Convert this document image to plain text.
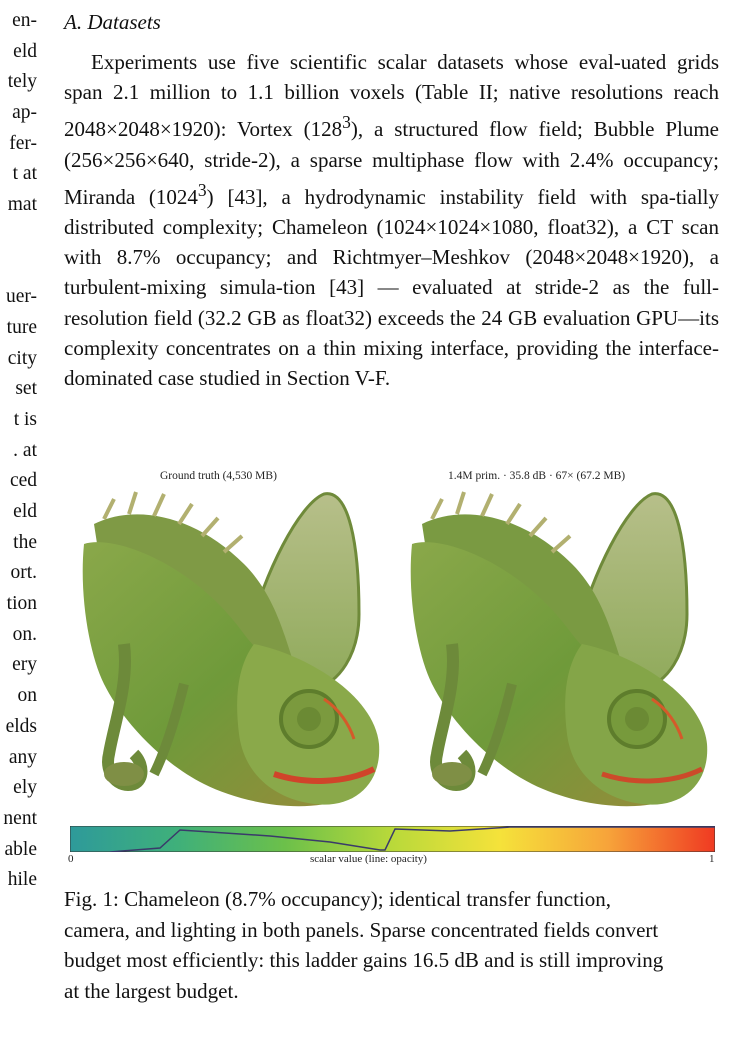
en-
eld
tely
ap-
fer-
t at
mat
uer-
ture
city
set
t is
. at
ced
eld
the
ort.
tion
on.
ery
on
elds
any
ely
nent
able
hile
A. Datasets
Experiments use five scientific scalar datasets whose eval-uated grids span 2.1 million to 1.1 billion voxels (Table II; native resolutions reach 2048×2048×1920): Vortex $(128^3)$, a structured flow field; Bubble Plume (256×256×640, stride-2), a sparse multiphase flow with 2.4% occupancy; Miranda (1024$^3$) [43], a hydrodynamic instability field with spa-tially distributed complexity; Chameleon (1024×1024×1080, float32), a CT scan with 8.7% occupancy; and Richtmyer–Meshkov (2048×2048×1920), a turbulent-mixing simula-tion [43] — evaluated at stride-2 as the full-resolution field (32.2 GB as float32) exceeds the 24 GB evaluation GPU—its complexity concentrates on a thin mixing interface, providing the interface-dominated case studied in Section V-F.
Ground truth (4,530 MB)	1.4M prim. · 35.8 dB · 67× (67.2 MB)
0	scalar value (line: opacity)	1
Fig. 1: Chameleon (8.7% occupancy); identical transfer function, camera, and lighting in both panels. Sparse concentrated fields convert budget most efficiently: this ladder gains 16.5 dB and is still improving at the largest budget.
